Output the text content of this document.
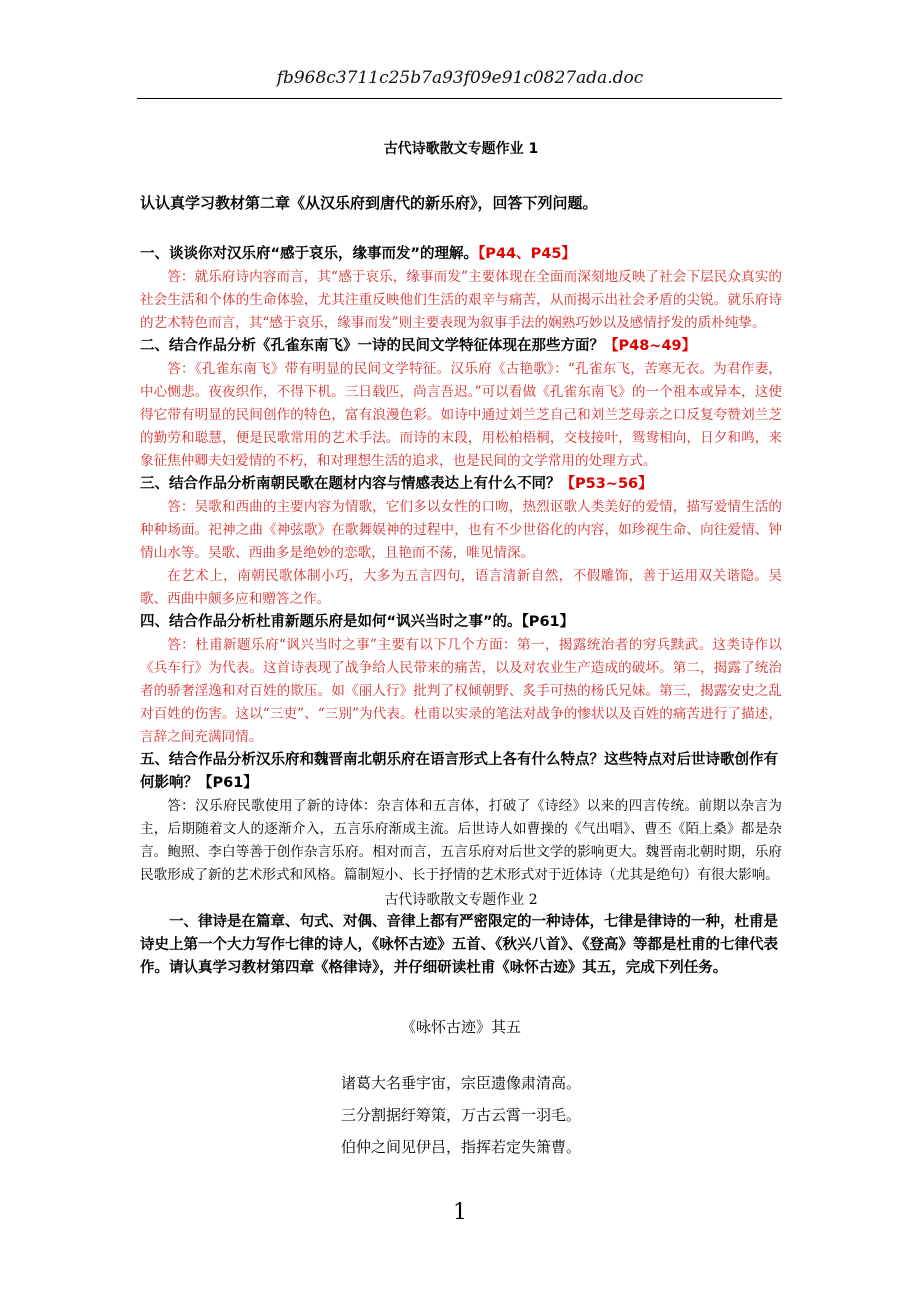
fb968c3711c25b7a93f09e91c0827ada.doc
古代诗歌散文专题作业 1
认认真学习教材第二章《从汉乐府到唐代的新乐府》，回答下列问题。

一、谈谈你对汉乐府“感于哀乐，缘事而发”的理解。【P44、P45】

答：就乐府诗内容而言，其“感于哀乐，缘事而发”主要体现在全面而深刻地反映了社会下层民众真实的社会生活和个体的生命体验，尤其注重反映他们生活的艰辛与痛苦，从而揭示出社会矛盾的尖锐。就乐府诗的艺术特色而言，其“感于哀乐，缘事而发”则主要表现为叙事手法的娴熟巧妙以及感情抒发的质朴纯挚。

二、结合作品分析《孔雀东南飞》一诗的民间文学特征体现在那些方面？【P48~49】

答：《孔雀东南飞》带有明显的民间文学特征。汉乐府《古艳歌》：“孔雀东飞，苦寒无衣。为君作妻，中心恻悲。夜夜织作，不得下机。三日载匹，尚言吾迟。”可以看做《孔雀东南飞》的一个祖本或异本，这使得它带有明显的民间创作的特色，富有浪漫色彩。如诗中通过刘兰芝自己和刘兰芝母亲之口反复夸赞刘兰芝的勤劳和聪慧，便是民歌常用的艺术手法。而诗的末段，用松柏梧桐，交枝接叶，鸳鸯相向，日夕和鸣，来象征焦仲卿夫妇爱情的不朽，和对理想生活的追求，也是民间的文学常用的处理方式。

三、结合作品分析南朝民歌在题材内容与情感表达上有什么不同？【P53~56】

答：吴歌和西曲的主要内容为情歌，它们多以女性的口吻，热烈讴歌人类美好的爱情，描写爱情生活的种种场面。祀神之曲《神弦歌》在歌舞娱神的过程中，也有不少世俗化的内容，如珍视生命、向往爱情、钟情山水等。吴歌、西曲多是绝妙的恋歌，且艳而不荡，唯见情深。

在艺术上，南朝民歌体制小巧，大多为五言四句，语言清新自然，不假雕饰，善于运用双关谐隐。吴歌、西曲中颇多应和赠答之作。

四、结合作品分析杜甫新题乐府是如何“讽兴当时之事”的。【P61】

答：杜甫新题乐府“讽兴当时之事”主要有以下几个方面：第一，揭露统治者的穷兵黩武。这类诗作以《兵车行》为代表。这首诗表现了战争给人民带来的痛苦，以及对农业生产造成的破坏。第二，揭露了统治者的骄奢淫逸和对百姓的欺压。如《丽人行》批判了权倾朝野、炙手可热的杨氏兄妹。第三，揭露安史之乱对百姓的伤害。这以“三吏”、“三别”为代表。杜甫以实录的笔法对战争的惨状以及百姓的痛苦进行了描述，言辞之间充满同情。

五、结合作品分析汉乐府和魏晋南北朝乐府在语言形式上各有什么特点？这些特点对后世诗歌创作有何影响？【P61】

答：汉乐府民歌使用了新的诗体：杂言体和五言体，打破了《诗经》以来的四言传统。前期以杂言为主，后期随着文人的逐渐介入，五言乐府渐成主流。后世诗人如曹操的《气出唱》、曹丕《陌上桑》都是杂言。鲍照、李白等善于创作杂言乐府。相对而言，五言乐府对后世文学的影响更大。魏晋南北朝时期，乐府民歌形成了新的艺术形式和风格。篇制短小、长于抒情的艺术形式对于近体诗（尤其是绝句）有很大影响。

古代诗歌散文专题作业 2

一、律诗是在篇章、句式、对偶、音律上都有严密限定的一种诗体，七律是律诗的一种，杜甫是诗史上第一个大力写作七律的诗人，《咏怀古迹》五首、《秋兴八首》、《登高》等都是杜甫的七律代表作。请认真学习教材第四章《格律诗》，并仔细研读杜甫《咏怀古迹》其五，完成下列任务。

《咏怀古迹》其五
诸葛大名垂宇宙，宗臣遗像肃清高。
三分割据纡筹策，万古云霄一羽毛。
伯仲之间见伊吕，指挥若定失箫曹。
1
